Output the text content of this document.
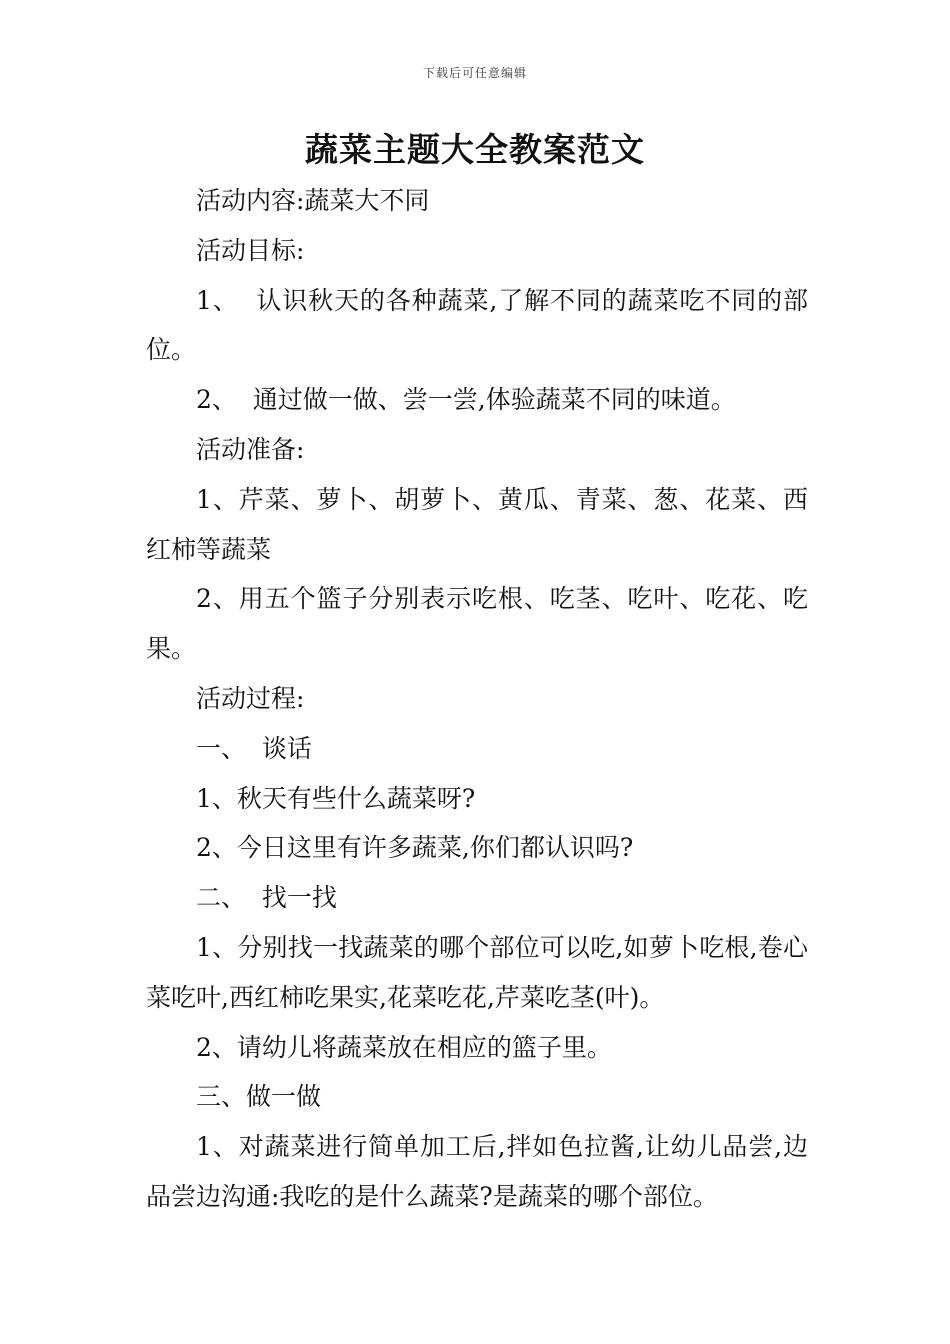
下载后可任意编辑
蔬菜主题大全教案范文

活动内容:蔬菜大不同

活动目标:

1、  认识秋天的各种蔬菜,了解不同的蔬菜吃不同的部位。

2、  通过做一做、尝一尝,体验蔬菜不同的味道。

活动准备:

1、芹菜、萝卜、胡萝卜、黄瓜、青菜、葱、花菜、西红柿等蔬菜

2、用五个篮子分别表示吃根、吃茎、吃叶、吃花、吃果。

活动过程:

一、  谈话

1、秋天有些什么蔬菜呀?

2、今日这里有许多蔬菜,你们都认识吗?

二、  找一找

1、分别找一找蔬菜的哪个部位可以吃,如萝卜吃根,卷心菜吃叶,西红柿吃果实,花菜吃花,芹菜吃茎(叶)。

2、请幼儿将蔬菜放在相应的篮子里。

三、做一做

1、对蔬菜进行简单加工后,拌如色拉酱,让幼儿品尝,边品尝边沟通:我吃的是什么蔬菜?是蔬菜的哪个部位。
